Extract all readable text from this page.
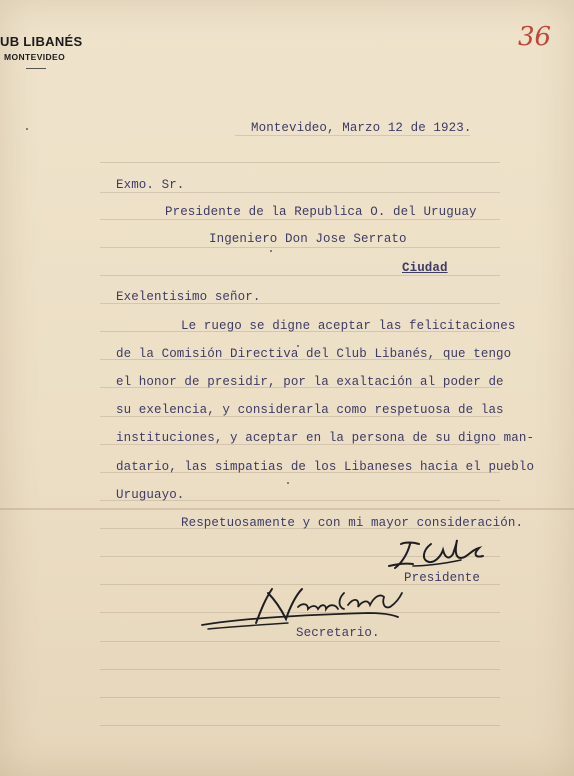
UB LIBANÉS
MONTEVIDEO
36
Montevideo, Marzo 12 de 1923.
Exmo. Sr.
Presidente de la Republica O. del Uruguay
Ingeniero Don Jose Serrato
Ciudad
Exelentisimo señor.
Le ruego se digne aceptar las felicitaciones
de la Comisión Directiva del Club Libanés, que tengo
el honor de presidir, por la exaltación al poder de
su exelencia, y considerarla como respetuosa de las
instituciones, y aceptar en la persona de su digno man-
datario, las simpatias de los Libaneses hacia el pueblo
Uruguayo.
Respetuosamente y con mi mayor consideración.
Presidente
Secretario.
